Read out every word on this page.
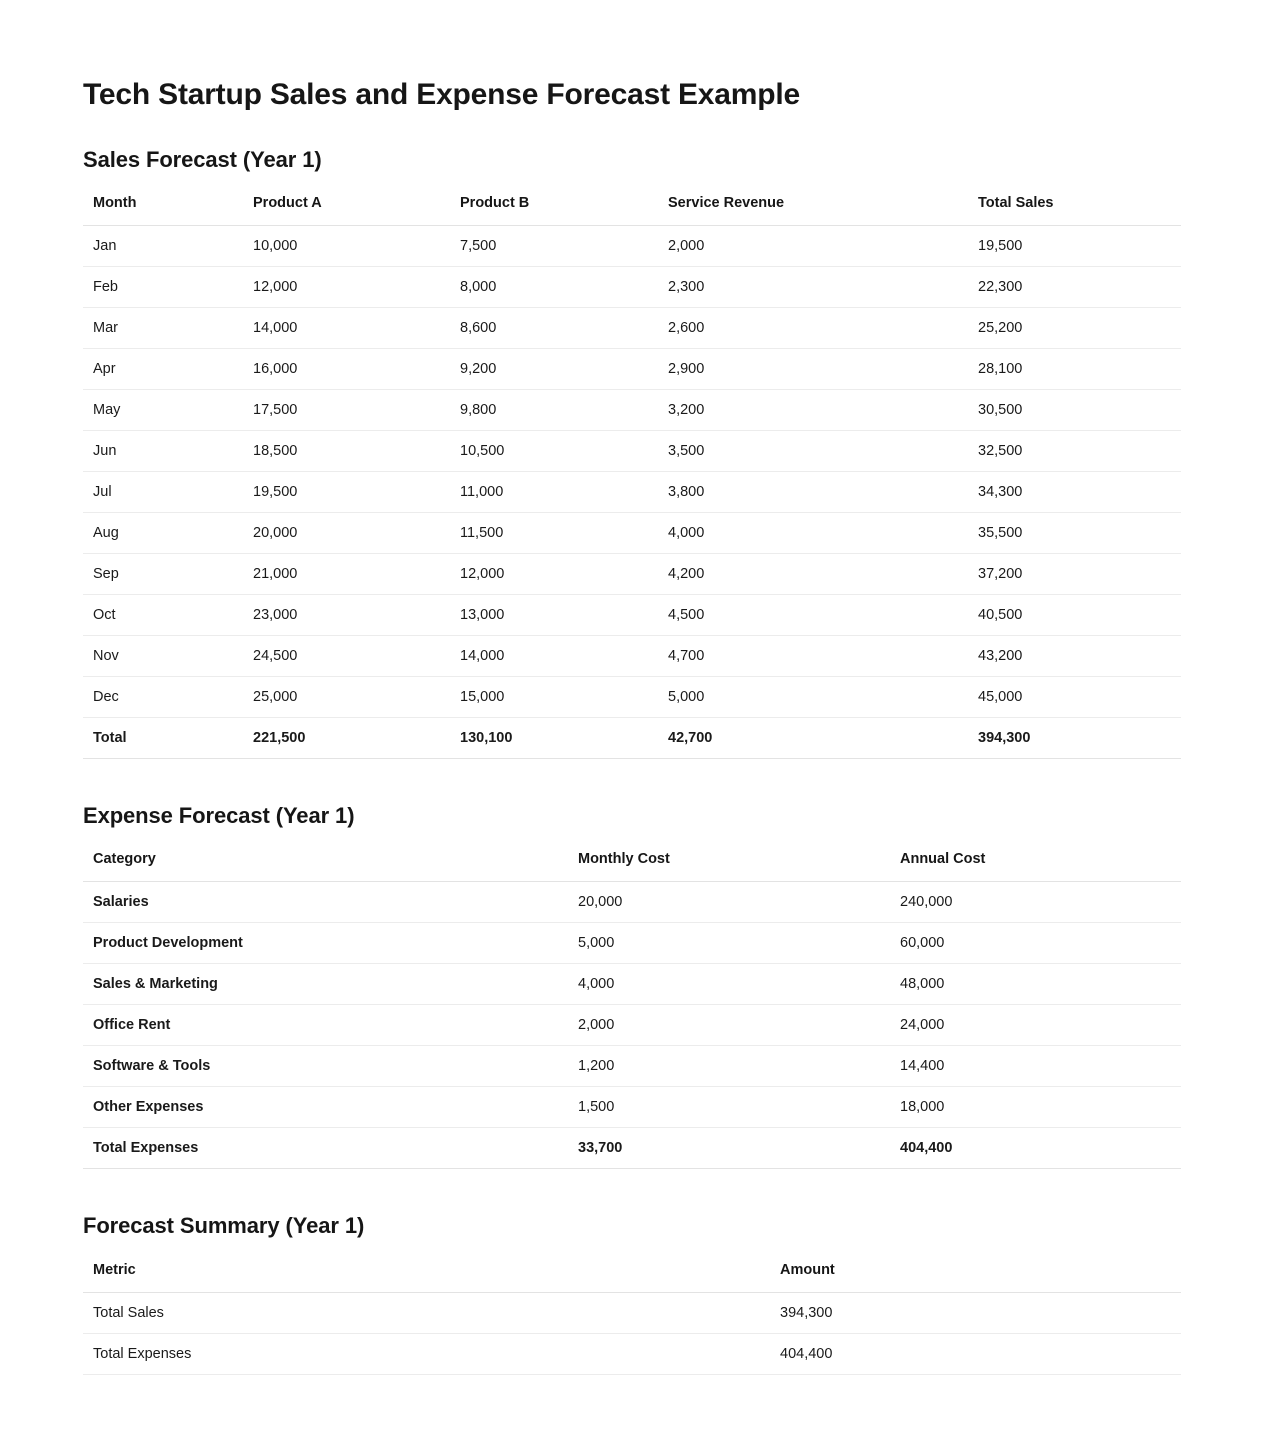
Tech Startup Sales and Expense Forecast Example
Sales Forecast (Year 1)
Month	Product A	Product B	Service Revenue	Total Sales
Jan	10,000	7,500	2,000	19,500
Feb	12,000	8,000	2,300	22,300
Mar	14,000	8,600	2,600	25,200
Apr	16,000	9,200	2,900	28,100
May	17,500	9,800	3,200	30,500
Jun	18,500	10,500	3,500	32,500
Jul	19,500	11,000	3,800	34,300
Aug	20,000	11,500	4,000	35,500
Sep	21,000	12,000	4,200	37,200
Oct	23,000	13,000	4,500	40,500
Nov	24,500	14,000	4,700	43,200
Dec	25,000	15,000	5,000	45,000
Total	221,500	130,100	42,700	394,300
Expense Forecast (Year 1)
Category	Monthly Cost	Annual Cost
Salaries	20,000	240,000
Product Development	5,000	60,000
Sales & Marketing	4,000	48,000
Office Rent	2,000	24,000
Software & Tools	1,200	14,400
Other Expenses	1,500	18,000
Total Expenses	33,700	404,400
Forecast Summary (Year 1)
Metric	Amount
Total Sales	394,300
Total Expenses	404,400
